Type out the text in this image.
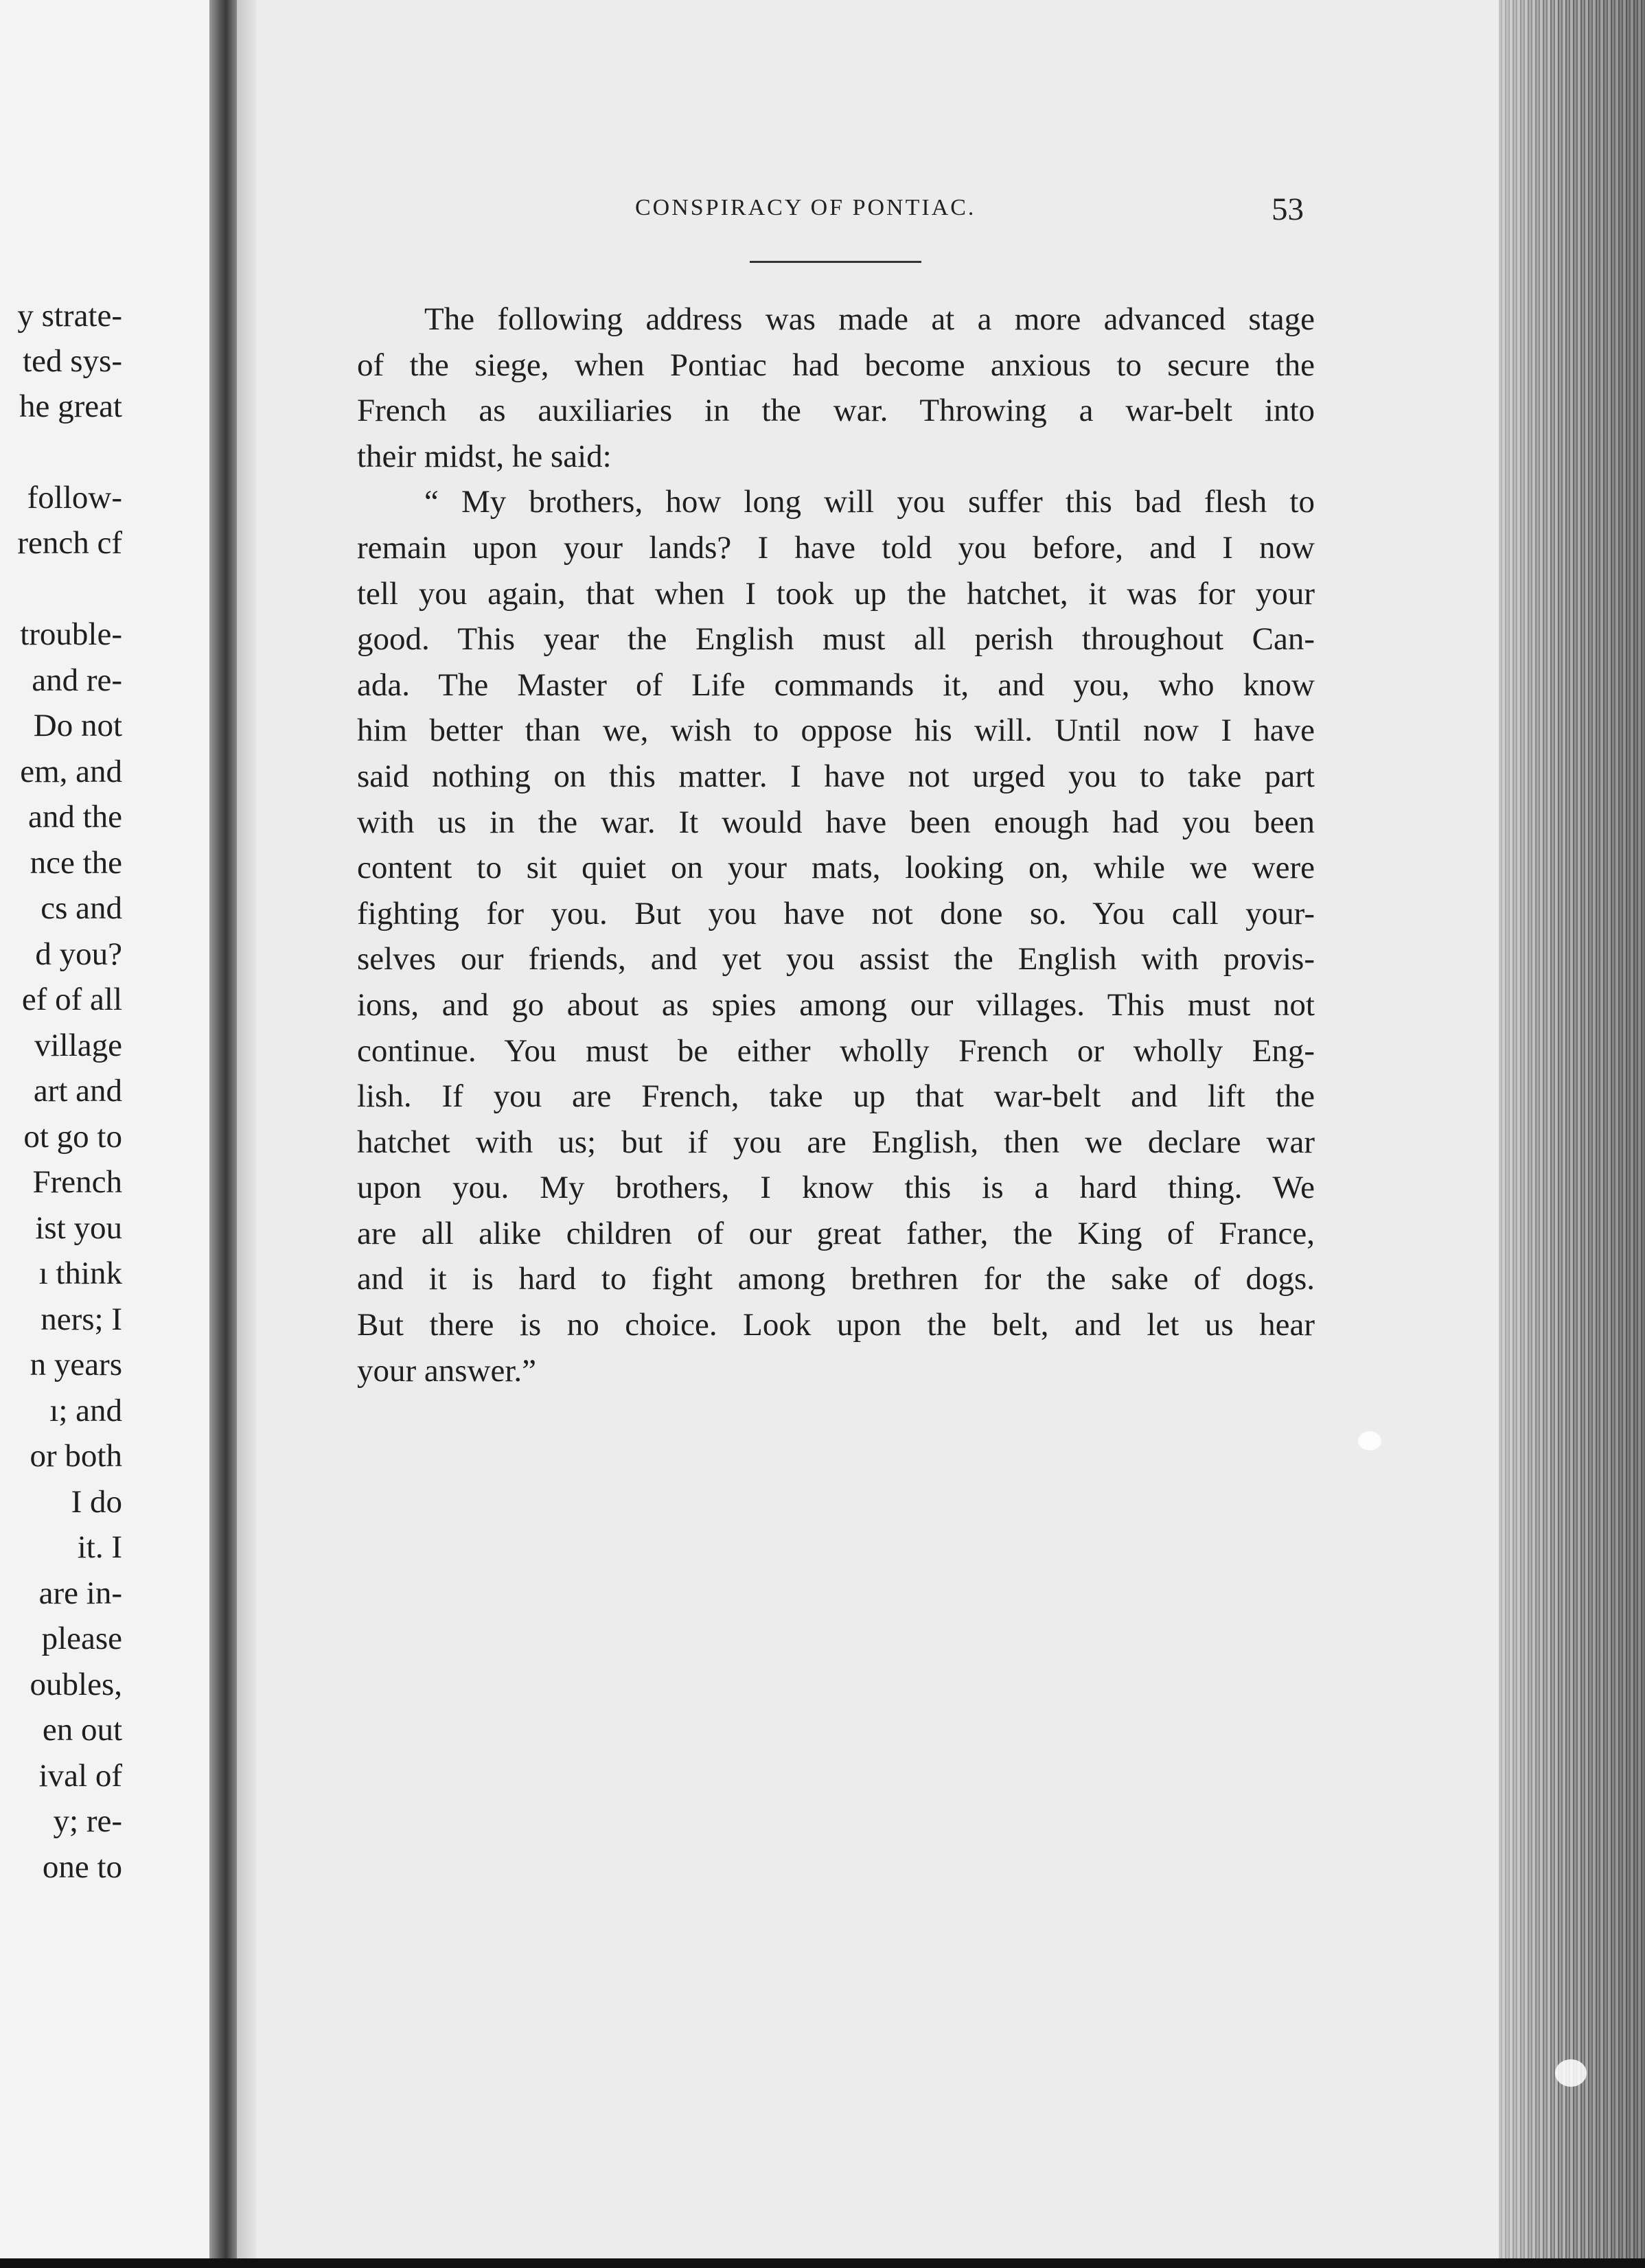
y strate-
ted sys-
he great
follow-
rench cf
trouble-
and re-
Do not
em, and
and the
nce the
cs and
d you?
ef of all
village
art and
ot go to
French
ist you
ı think
ners; I
n years
ı; and
or both
I do
it. I
are in-
please
oubles,
en out
ival of
y; re-
one to
CONSPIRACY OF PONTIAC.	53
The following address was made at a more advanced stage
of the siege, when Pontiac had become anxious to secure the
French as auxiliaries in the war. Throwing a war-belt into
their midst, he said:
“ My brothers, how long will you suffer this bad flesh to
remain upon your lands? I have told you before, and I now
tell you again, that when I took up the hatchet, it was for your
good. This year the English must all perish throughout Can-
ada. The Master of Life commands it, and you, who know
him better than we, wish to oppose his will. Until now I have
said nothing on this matter. I have not urged you to take part
with us in the war. It would have been enough had you been
content to sit quiet on your mats, looking on, while we were
fighting for you. But you have not done so. You call your-
selves our friends, and yet you assist the English with provis-
ions, and go about as spies among our villages. This must not
continue. You must be either wholly French or wholly Eng-
lish. If you are French, take up that war-belt and lift the
hatchet with us; but if you are English, then we declare war
upon you. My brothers, I know this is a hard thing. We
are all alike children of our great father, the King of France,
and it is hard to fight among brethren for the sake of dogs.
But there is no choice. Look upon the belt, and let us hear
your answer.”
